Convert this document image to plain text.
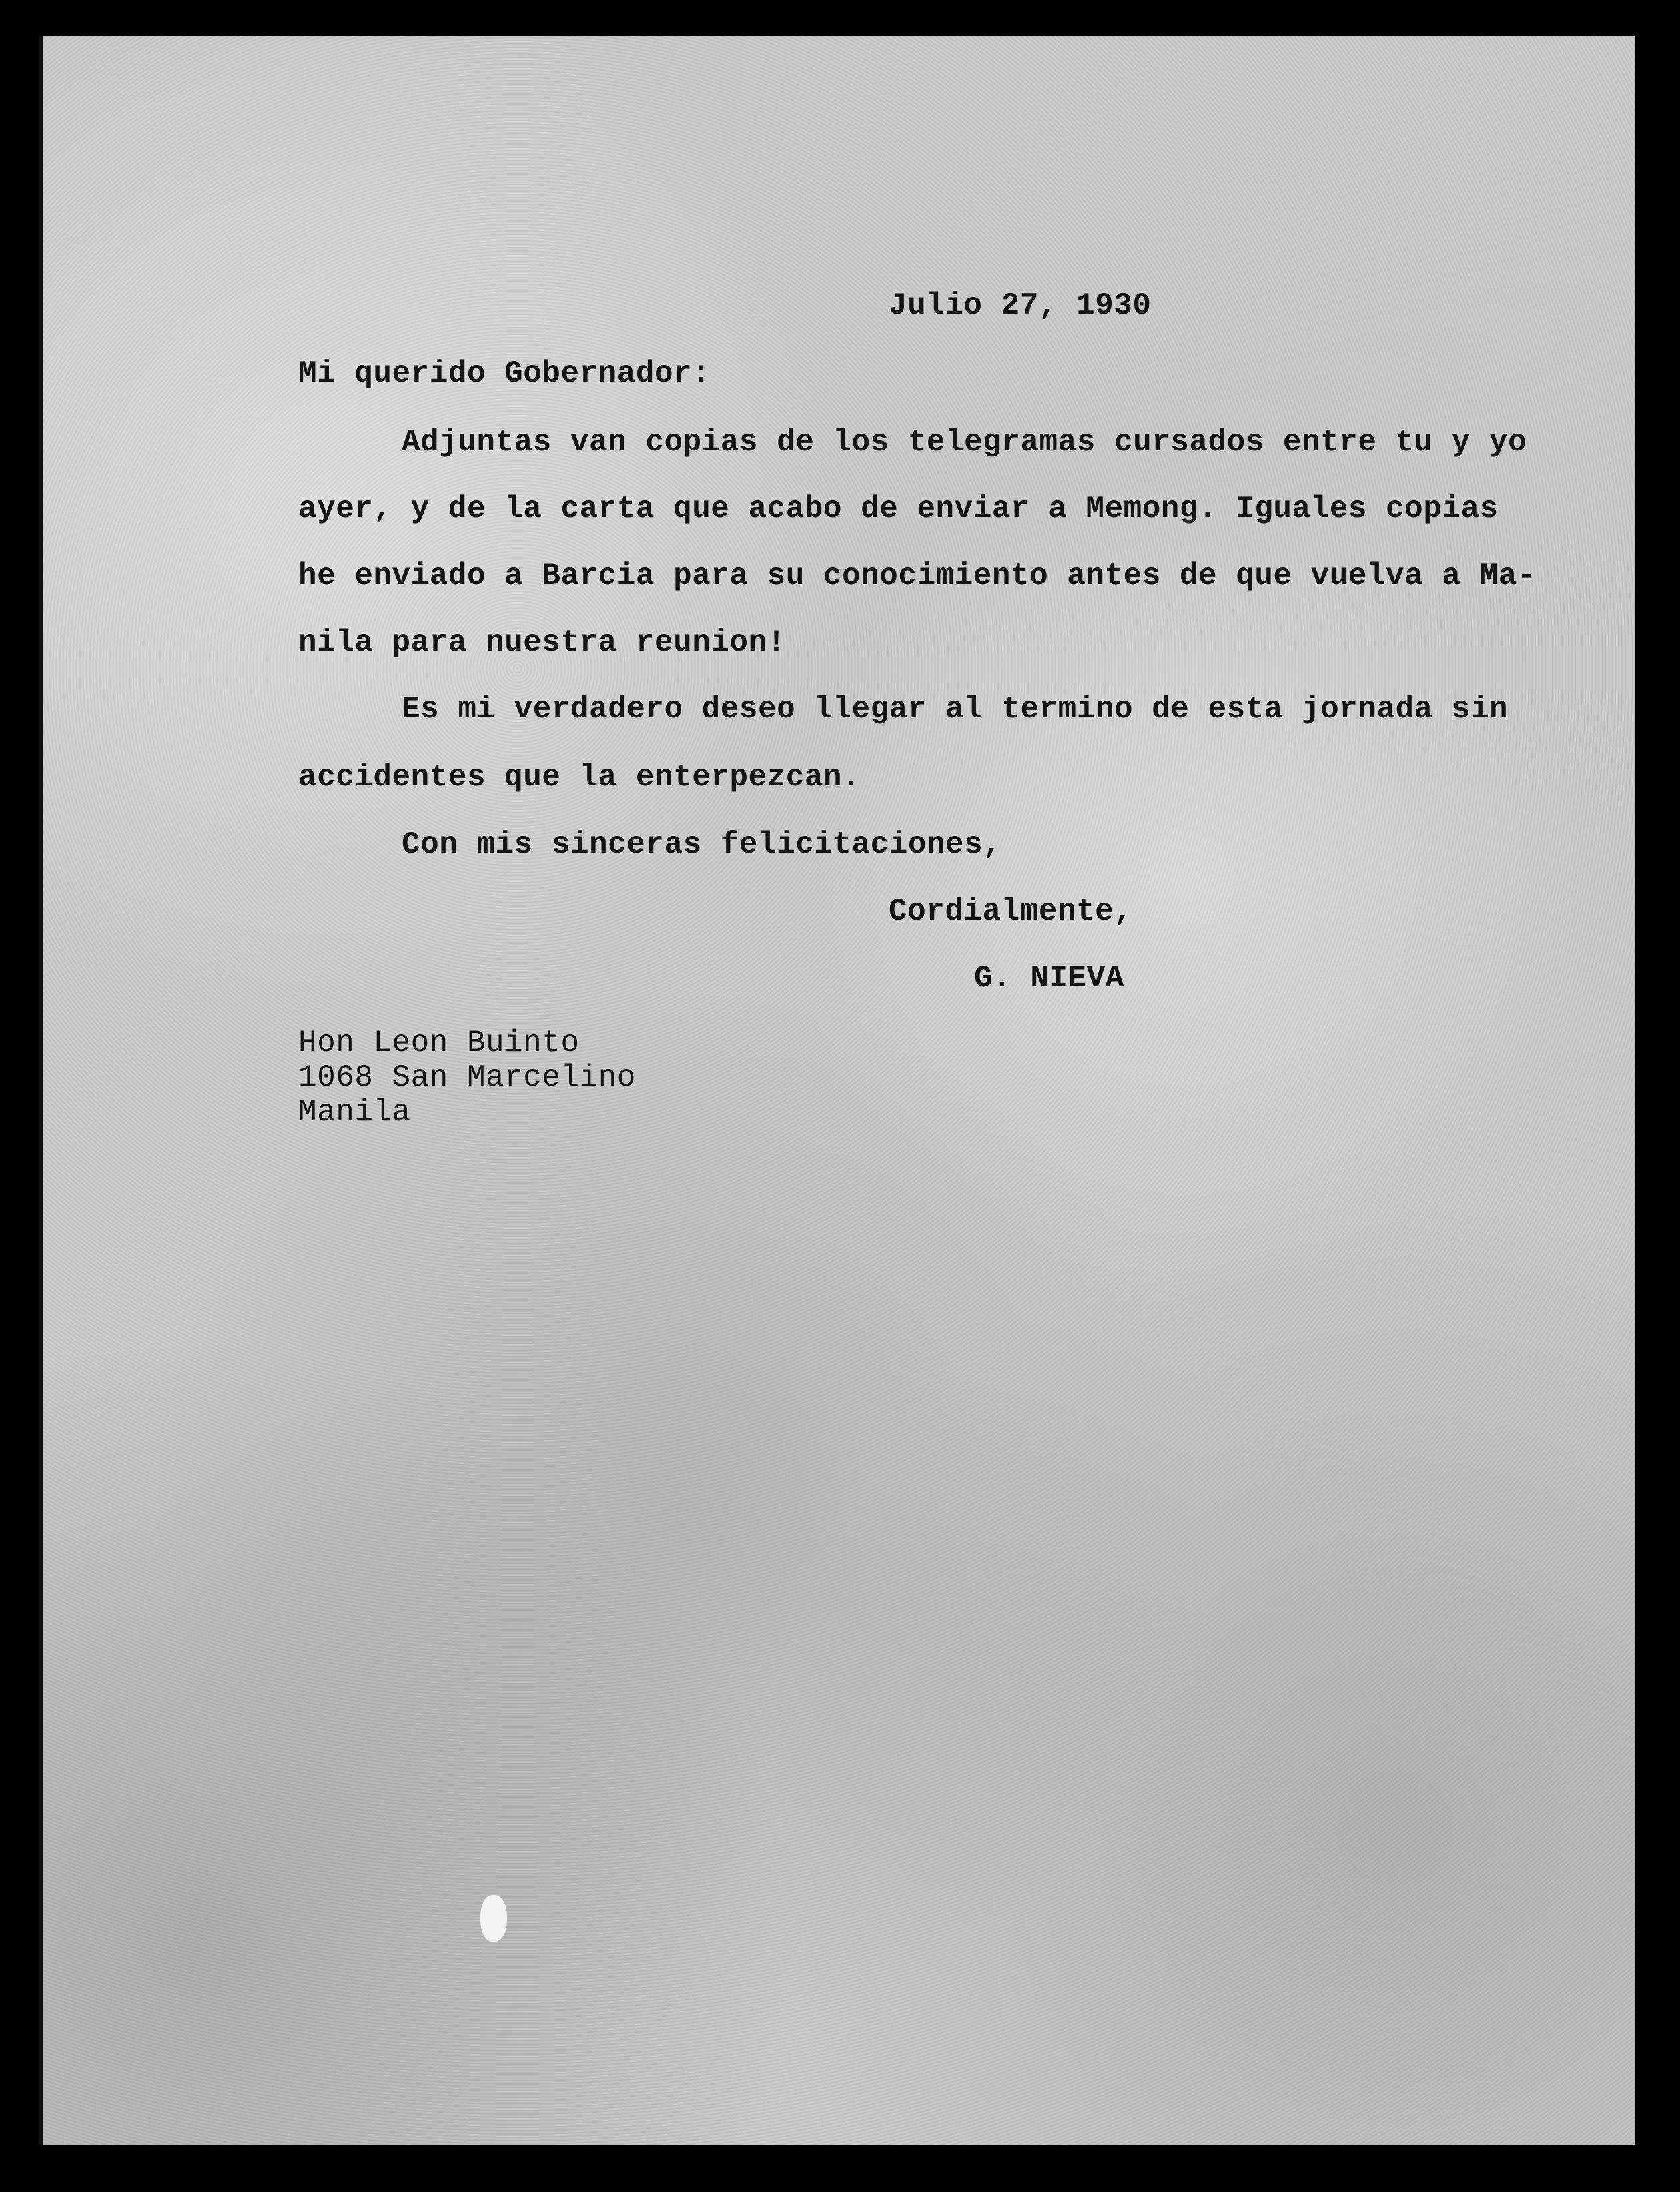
Julio 27, 1930
Mi querido Gobernador:
Adjuntas van copias de los telegramas cursados entre tu y yo
ayer, y de la carta que acabo de enviar a Memong. Iguales copias
he enviado a Barcia para su conocimiento antes de que vuelva a Ma-
nila para nuestra reunion!
Es mi verdadero deseo llegar al termino de esta jornada sin
accidentes que la enterpezcan.
Con mis sinceras felicitaciones,
Cordialmente,
G. NIEVA
Hon Leon Buinto
1068 San Marcelino
Manila
